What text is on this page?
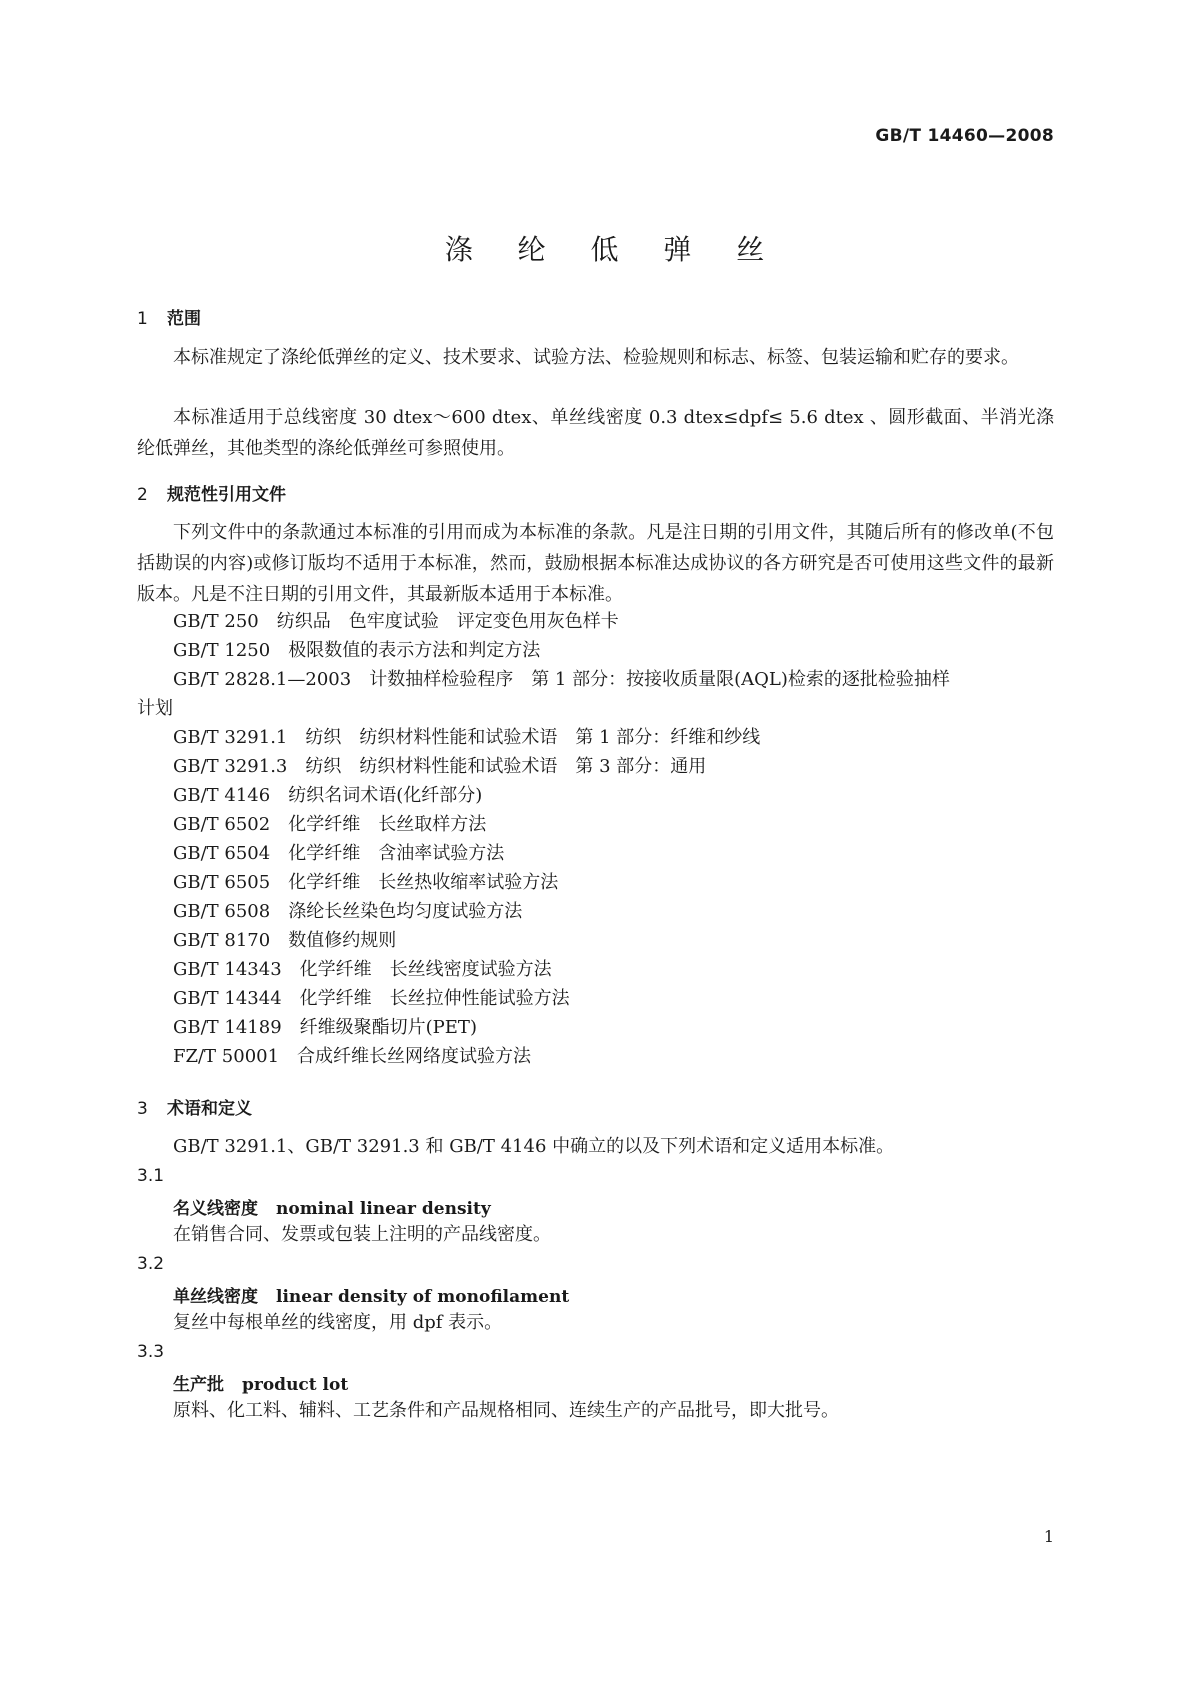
GB/T 14460—2008
涤 纶 低 弹 丝
1 范围
本标准规定了涤纶低弹丝的定义、技术要求、试验方法、检验规则和标志、标签、包装运输和贮存的要求。
本标准适用于总线密度 30 dtex～600 dtex、单丝线密度 0.3 dtex≤dpf≤ 5.6 dtex 、圆形截面、半消光涤纶低弹丝，其他类型的涤纶低弹丝可参照使用。
2 规范性引用文件
下列文件中的条款通过本标准的引用而成为本标准的条款。凡是注日期的引用文件，其随后所有的修改单(不包括勘误的内容)或修订版均不适用于本标准，然而，鼓励根据本标准达成协议的各方研究是否可使用这些文件的最新版本。凡是不注日期的引用文件，其最新版本适用于本标准。
GB/T 250　纺织品　色牢度试验　评定变色用灰色样卡
GB/T 1250　极限数值的表示方法和判定方法
GB/T 2828.1—2003　计数抽样检验程序　第 1 部分：按接收质量限(AQL)检索的逐批检验抽样
计划
GB/T 3291.1　纺织　纺织材料性能和试验术语　第 1 部分：纤维和纱线
GB/T 3291.3　纺织　纺织材料性能和试验术语　第 3 部分：通用
GB/T 4146　纺织名词术语(化纤部分)
GB/T 6502　化学纤维　长丝取样方法
GB/T 6504　化学纤维　含油率试验方法
GB/T 6505　化学纤维　长丝热收缩率试验方法
GB/T 6508　涤纶长丝染色均匀度试验方法
GB/T 8170　数值修约规则
GB/T 14343　化学纤维　长丝线密度试验方法
GB/T 14344　化学纤维　长丝拉伸性能试验方法
GB/T 14189　纤维级聚酯切片(PET)
FZ/T 50001　合成纤维长丝网络度试验方法
3 术语和定义
GB/T 3291.1、GB/T 3291.3 和 GB/T 4146 中确立的以及下列术语和定义适用本标准。
3.1
名义线密度 nominal linear density
在销售合同、发票或包装上注明的产品线密度。
3.2
单丝线密度 linear density of monofilament
复丝中每根单丝的线密度，用 dpf 表示。
3.3
生产批 product lot
原料、化工料、辅料、工艺条件和产品规格相同、连续生产的产品批号，即大批号。
1
